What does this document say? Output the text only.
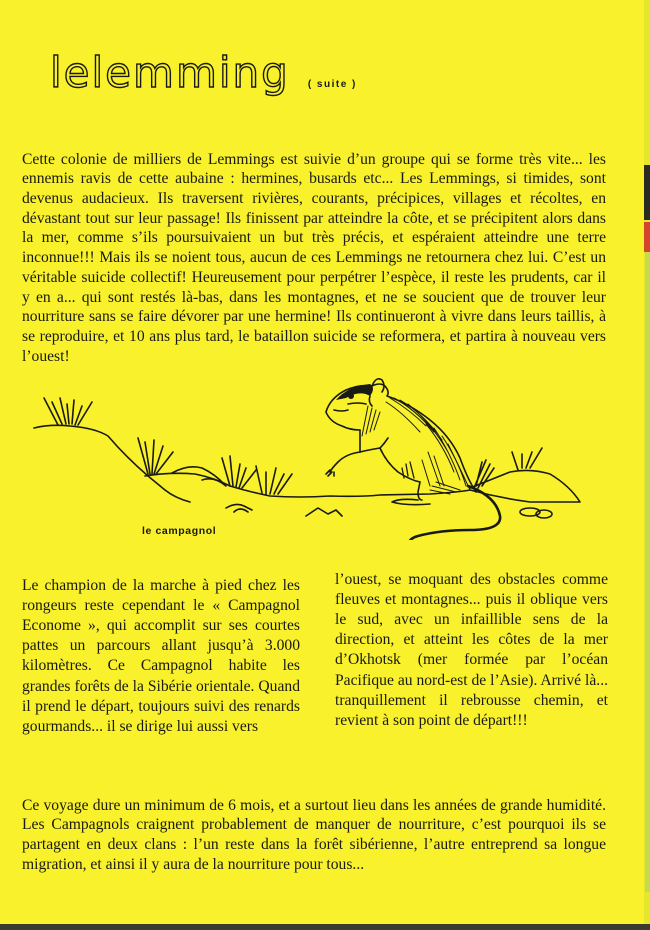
le lemming ( suite )

Cette colonie de milliers de Lemmings est suivie d’un groupe qui se forme très vite... les ennemis ravis de cette aubaine : hermines, busards etc... Les Lemmings, si timides, sont devenus audacieux. Ils traversent rivières, courants, précipices, villages et récoltes, en dévastant tout sur leur passage! Ils finissent par atteindre la côte, et se précipitent alors dans la mer, comme s’ils poursuivaient un but très précis, et espéraient atteindre une terre inconnue!!! Mais ils se noient tous, aucun de ces Lemmings ne retournera chez lui. C’est un véritable suicide collectif! Heureusement pour perpétrer l’espèce, il reste les prudents, car il y en a... qui sont restés là-bas, dans les montagnes, et ne se soucient que de trouver leur nourriture sans se faire dévorer par une hermine! Ils continueront à vivre dans leurs taillis, à se reproduire, et 10 ans plus tard, le bataillon suicide se reformera, et partira à nouveau vers l’ouest!

le campagnol

Le champion de la marche à pied chez les rongeurs reste cependant le « Campagnol Econome », qui accomplit sur ses courtes pattes un parcours allant jusqu’à 3.000 kilomètres. Ce Campagnol habite les grandes forêts de la Sibérie orientale. Quand il prend le départ, toujours suivi des renards gourmands... il se dirige lui aussi vers

l’ouest, se moquant des obstacles comme fleuves et montagnes... puis il oblique vers le sud, avec un infaillible sens de la direction, et atteint les côtes de la mer d’Okhotsk (mer formée par l’océan Pacifique au nord-est de l’Asie). Arrivé là... tranquillement il rebrousse chemin, et revient à son point de départ!!!

Ce voyage dure un minimum de 6 mois, et a surtout lieu dans les années de grande humidité. Les Campagnols craignent probablement de manquer de nourriture, c’est pourquoi ils se partagent en deux clans : l’un reste dans la forêt sibérienne, l’autre entreprend sa longue migration, et ainsi il y aura de la nourriture pour tous...
